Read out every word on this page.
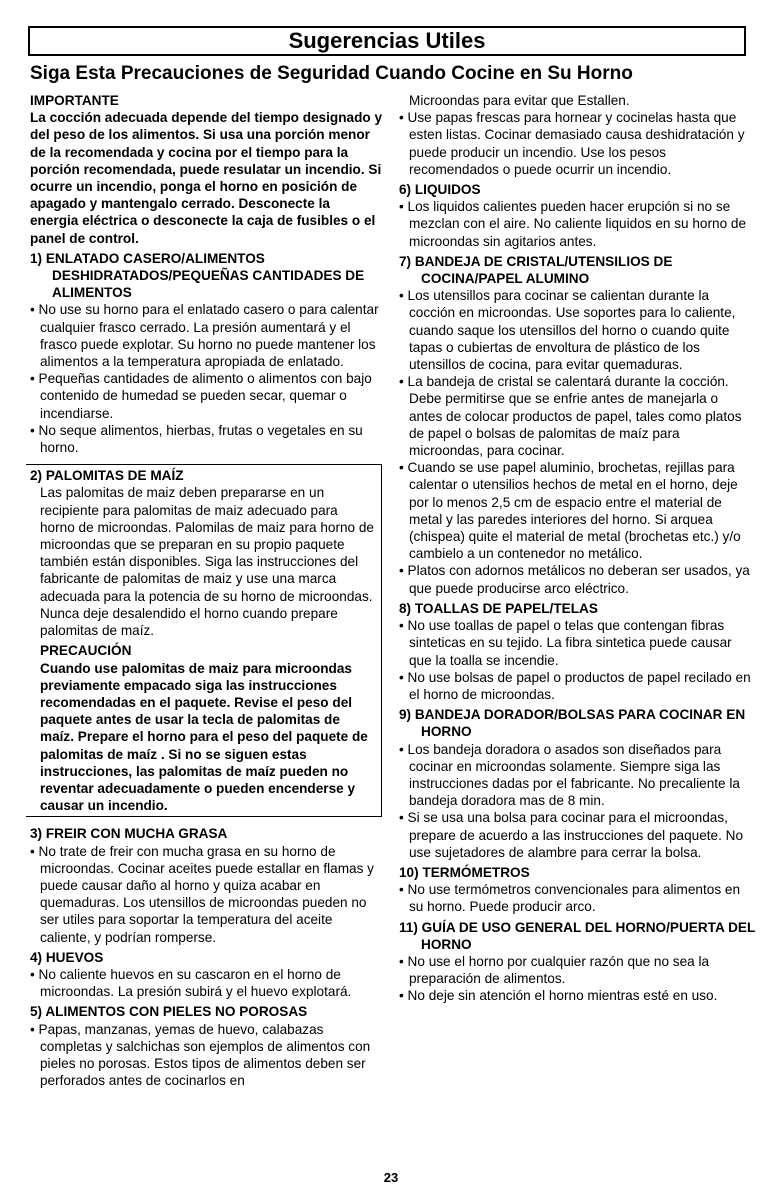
Sugerencias Utiles
Siga Esta Precauciones de Seguridad Cuando Cocine en Su Horno

IMPORTANTE

La cocción adecuada depende del tiempo designado y del peso de los alimentos. Si usa una porción menor de la recomendada y cocina por el tiempo para la porción recomendada, puede resulatar un incendio. Si ocurre un incendio, ponga el horno en posición de apagado y mantengalo cerrado. Desconecte la energia eléctrica o desconecte la caja de fusibles o el panel de control.

1) ENLATADO CASERO/ALIMENTOS DESHIDRATADOS/PEQUEÑAS CANTIDADES DE ALIMENTOS

• No use su horno para el enlatado casero o para calentar cualquier frasco cerrado. La presión aumentará y el frasco puede explotar. Su horno no puede mantener los alimentos a la temperatura apropiada de enlatado.

• Pequeñas cantidades de alimento o alimentos con bajo contenido de humedad se pueden secar, quemar o incendiarse.

• No seque alimentos, hierbas, frutas o vegetales en su horno.

2) PALOMITAS DE MAÍZ

Las palomitas de maiz deben prepararse en un recipiente para palomitas de maiz adecuado para horno de microondas. Palomilas de maiz para horno de microondas que se preparan en su propio paquete también están disponibles. Siga las instrucciones del fabricante de palomitas de maiz y use una marca adecuada para la potencia de su horno de microondas. Nunca deje desalendido el horno cuando prepare palomitas de maíz.

PRECAUCIÓN

Cuando use palomitas de maiz para microondas previamente empacado siga las instrucciones recomendadas en el paquete. Revise el peso del paquete antes de usar la tecla de palomitas de maíz. Prepare el horno para el peso del paquete de palomitas de maíz . Si no se siguen estas instrucciones, las palomitas de maíz pueden no reventar adecuadamente o pueden encenderse y causar un incendio.

3) FREIR CON MUCHA GRASA

• No trate de freir con mucha grasa en su horno de microondas. Cocinar aceites puede estallar en flamas y puede causar daño al horno y quiza acabar en quemaduras. Los utensillos de microondas pueden no ser utiles para soportar la temperatura del aceite caliente, y podrían romperse.

4) HUEVOS

• No caliente huevos en su cascaron en el horno de microondas. La presión subirá y el huevo explotará.

5) ALIMENTOS CON PIELES NO POROSAS

• Papas, manzanas, yemas de huevo, calabazas completas y salchichas son ejemplos de alimentos con pieles no porosas. Estos tipos de alimentos deben ser perforados antes de cocinarlos en

Microondas para evitar que Estallen.

• Use papas frescas para hornear y cocinelas hasta que esten listas. Cocinar demasiado causa deshidratación y puede producir un incendio. Use los pesos recomendados o puede ocurrir un incendio.

6) LIQUIDOS

• Los liquidos calientes pueden hacer erupción si no se mezclan con el aire. No caliente liquidos en su horno de microondas sin agitarios antes.

7) BANDEJA DE CRISTAL/UTENSILIOS DE COCINA/PAPEL ALUMINO

• Los utensillos para cocinar se calientan durante la cocción en microondas. Use soportes para lo caliente, cuando saque los utensillos del horno o cuando quite tapas o cubiertas de envoltura de plástico de los utensillos de cocina, para evitar quemaduras.

• La bandeja de cristal se calentará durante la cocción. Debe permitirse que se enfrie antes de manejarla o antes de colocar productos de papel, tales como platos de papel o bolsas de palomitas de maíz para microondas, para cocinar.

• Cuando se use papel aluminio, brochetas, rejillas para calentar o utensilios hechos de metal en el horno, deje por lo menos 2,5 cm de espacio entre el material de metal y las paredes interiores del horno. Si arquea (chispea) quite el material de metal (brochetas etc.) y/o cambielo a un contenedor no metálico.

• Platos con adornos metálicos no deberan ser usados, ya que puede producirse arco eléctrico.

8) TOALLAS DE PAPEL/TELAS

• No use toallas de papel o telas que contengan fibras sinteticas en su tejido. La fibra sintetica puede causar que la toalla se incendie.

• No use bolsas de papel o productos de papel recilado en el horno de microondas.

9) BANDEJA DORADOR/BOLSAS PARA COCINAR EN HORNO

• Los bandeja doradora o asados son diseñados para cocinar en microondas solamente. Siempre siga las instrucciones dadas por el fabricante. No precaliente la bandeja doradora mas de 8 min.

• Si se usa una bolsa para cocinar para el microondas, prepare de acuerdo a las instrucciones del paquete. No use sujetadores de alambre para cerrar la bolsa.

10) TERMÓMETROS

• No use termómetros convencionales para alimentos en su horno. Puede producir arco.

11) GUÍA DE USO GENERAL DEL HORNO/PUERTA DEL HORNO

• No use el horno por cualquier razón que no sea la preparación de alimentos.

• No deje sin atención el horno mientras esté en uso.

23
